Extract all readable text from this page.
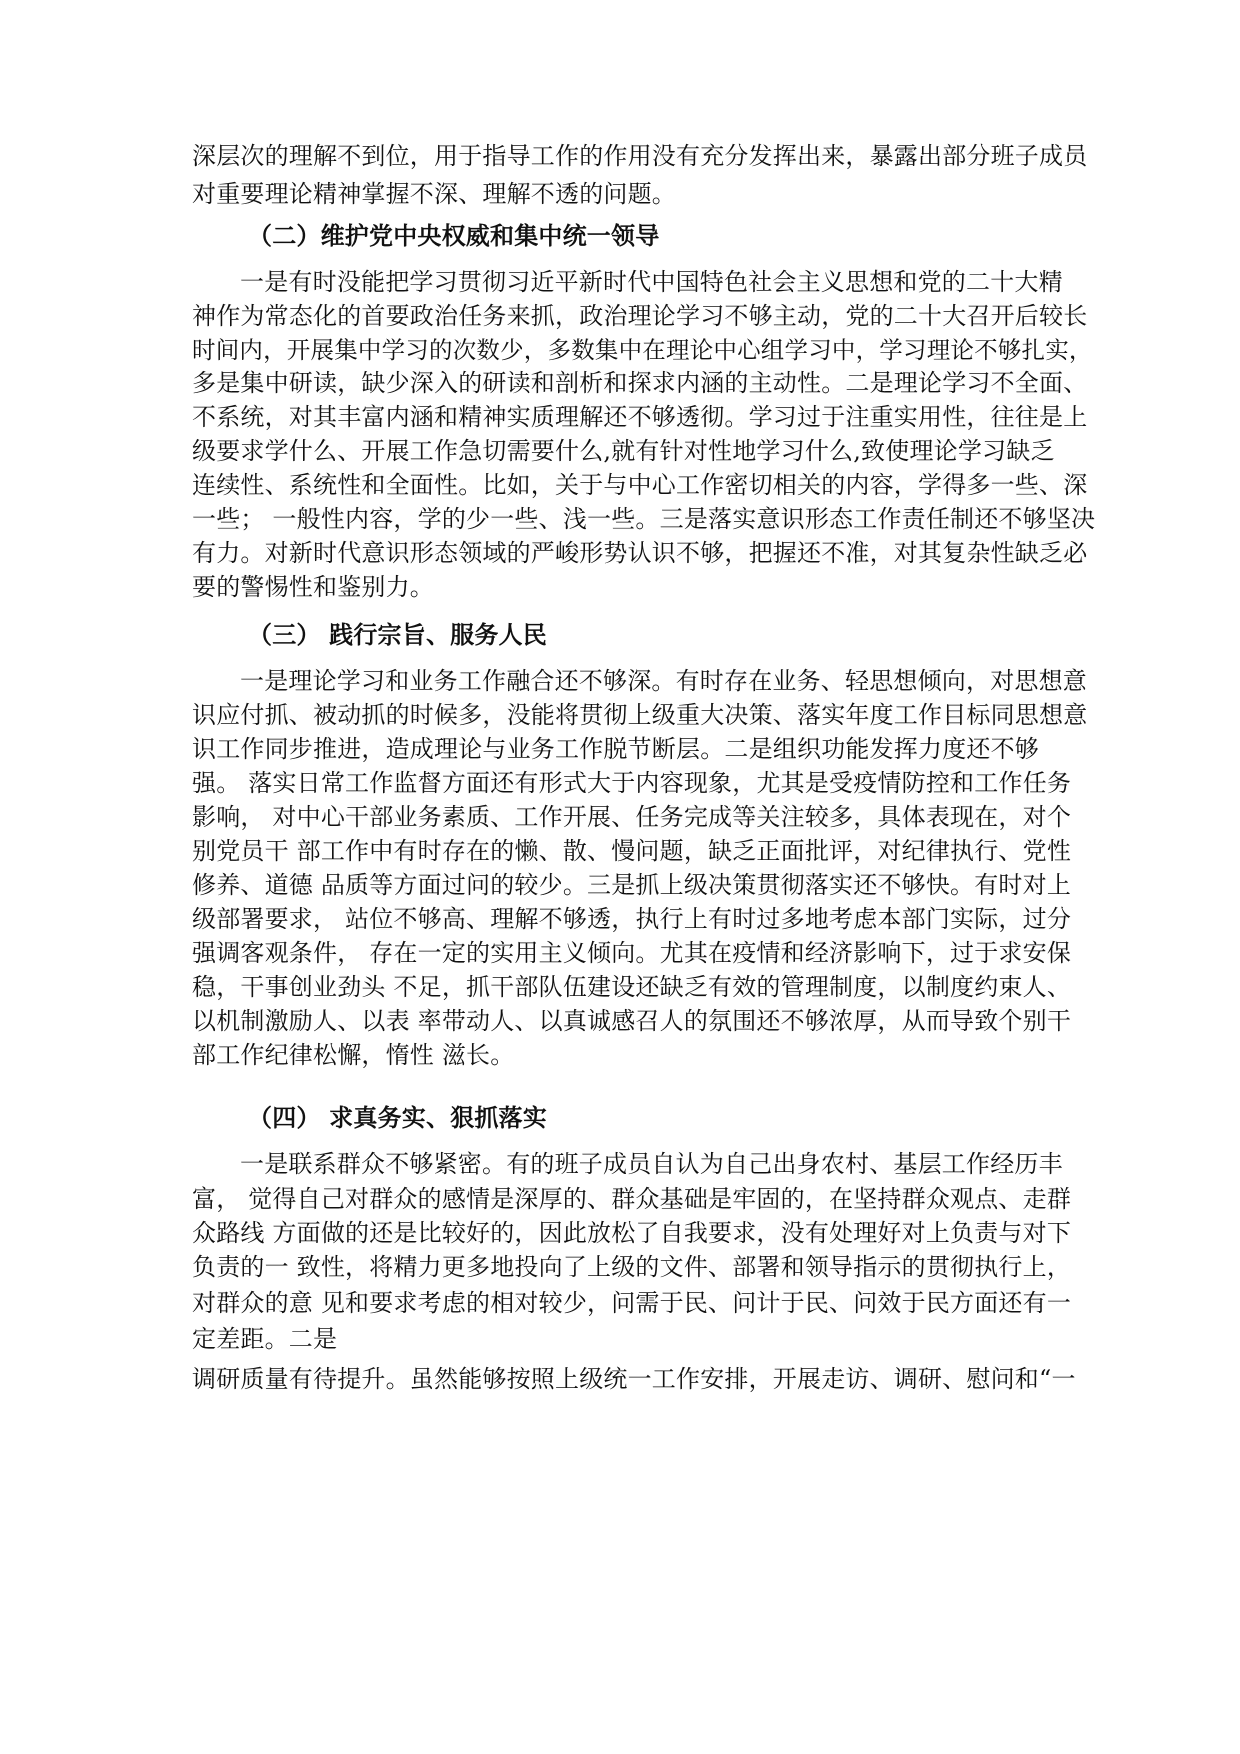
深层次的理解不到位，用于指导工作的作用没有充分发挥出来，暴露出部分班子成员
对重要理论精神掌握不深、理解不透的问题。
（二）维护党中央权威和集中统一领导
一是有时没能把学习贯彻习近平新时代中国特色社会主义思想和党的二十大精
神作为常态化的首要政治任务来抓，政治理论学习不够主动，党的二十大召开后较长
时间内，开展集中学习的次数少，多数集中在理论中心组学习中，学习理论不够扎实，
多是集中研读，缺少深入的研读和剖析和探求内涵的主动性。二是理论学习不全面、
不系统，对其丰富内涵和精神实质理解还不够透彻。学习过于注重实用性，往往是上
级要求学什么、开展工作急切需要什么,就有针对性地学习什么,致使理论学习缺乏
连续性、系统性和全面性。比如，关于与中心工作密切相关的内容，学得多一些、深
一些； 一般性内容，学的少一些、浅一些。三是落实意识形态工作责任制还不够坚决
有力。对新时代意识形态领域的严峻形势认识不够，把握还不准，对其复杂性缺乏必
要的警惕性和鉴别力。
（三） 践行宗旨、服务人民
一是理论学习和业务工作融合还不够深。有时存在业务、轻思想倾向，对思想意
识应付抓、被动抓的时候多，没能将贯彻上级重大决策、落实年度工作目标同思想意
识工作同步推进，造成理论与业务工作脱节断层。二是组织功能发挥力度还不够
强。 落实日常工作监督方面还有形式大于内容现象，尤其是受疫情防控和工作任务
影响， 对中心干部业务素质、工作开展、任务完成等关注较多，具体表现在，对个
别党员干 部工作中有时存在的懒、散、慢问题，缺乏正面批评，对纪律执行、党性
修养、道德 品质等方面过问的较少。三是抓上级决策贯彻落实还不够快。有时对上
级部署要求， 站位不够高、理解不够透，执行上有时过多地考虑本部门实际，过分
强调客观条件， 存在一定的实用主义倾向。尤其在疫情和经济影响下，过于求安保
稳，干事创业劲头 不足，抓干部队伍建设还缺乏有效的管理制度，以制度约束人、
以机制激励人、以表 率带动人、以真诚感召人的氛围还不够浓厚，从而导致个别干
部工作纪律松懈，惰性 滋长。
（四） 求真务实、狠抓落实
一是联系群众不够紧密。有的班子成员自认为自己出身农村、基层工作经历丰
富， 觉得自己对群众的感情是深厚的、群众基础是牢固的，在坚持群众观点、走群
众路线 方面做的还是比较好的，因此放松了自我要求，没有处理好对上负责与对下
负责的一 致性，将精力更多地投向了上级的文件、部署和领导指示的贯彻执行上，
对群众的意 见和要求考虑的相对较少，问需于民、问计于民、问效于民方面还有一
定差距。二是
调研质量有待提升。虽然能够按照上级统一工作安排，开展走访、调研、慰问和“一
